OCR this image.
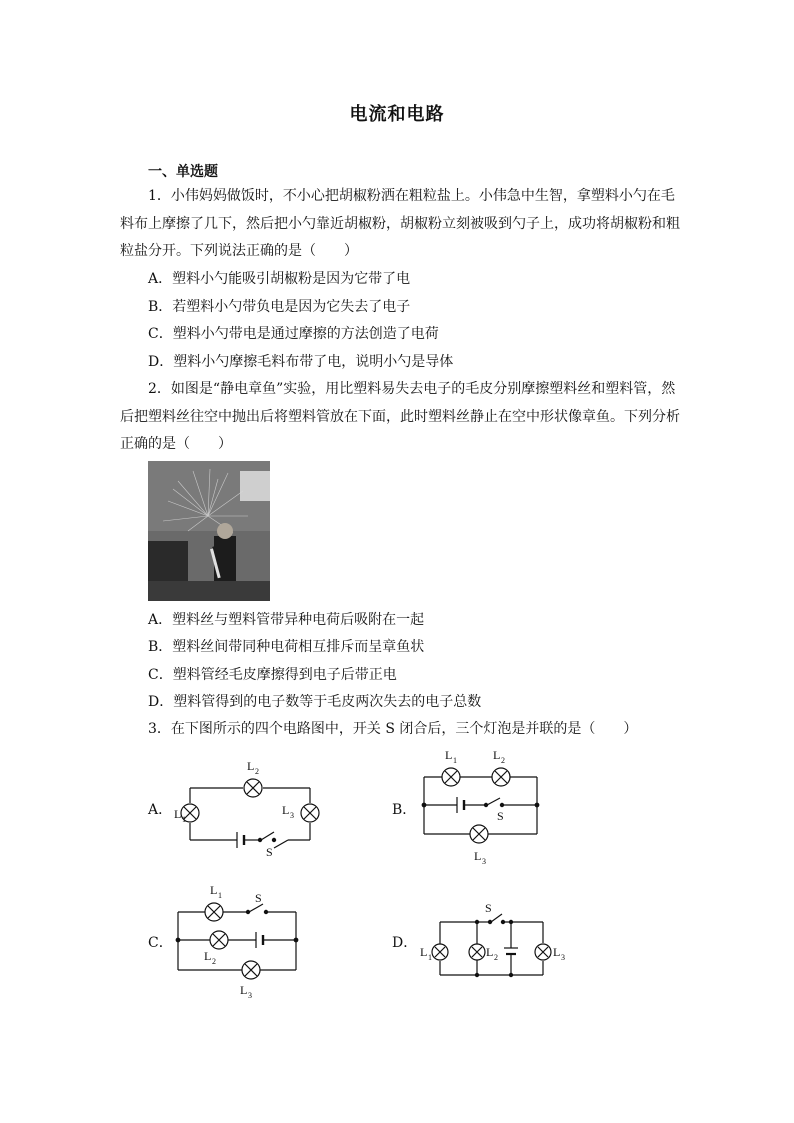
电流和电路
一、单选题
1．小伟妈妈做饭时，不小心把胡椒粉洒在粗粒盐上。小伟急中生智，拿塑料小勺在毛
料布上摩擦了几下，然后把小勺靠近胡椒粉，胡椒粉立刻被吸到勺子上，成功将胡椒粉和粗
粒盐分开。下列说法正确的是（　　）
A．塑料小勺能吸引胡椒粉是因为它带了电
B．若塑料小勺带负电是因为它失去了电子
C．塑料小勺带电是通过摩擦的方法创造了电荷
D．塑料小勺摩擦毛料布带了电，说明小勺是导体
2．如图是“静电章鱼”实验，用比塑料易失去电子的毛皮分别摩擦塑料丝和塑料管，然
后把塑料丝往空中抛出后将塑料管放在下面，此时塑料丝静止在空中形状像章鱼。下列分析
正确的是（　　）
A．塑料丝与塑料管带异种电荷后吸附在一起
B．塑料丝间带同种电荷相互排斥而呈章鱼状
C．塑料管经毛皮摩擦得到电子后带正电
D．塑料管得到的电子数等于毛皮两次失去的电子总数
3．在下图所示的四个电路图中，开关 S 闭合后，三个灯泡是并联的是（　　）
A．	B．
C．	D．
L 2
L 1
L 3
S
L 1	L 2
S
L 3
L 1	S
L 2
L 3
S
L 1	L 2	L 3
